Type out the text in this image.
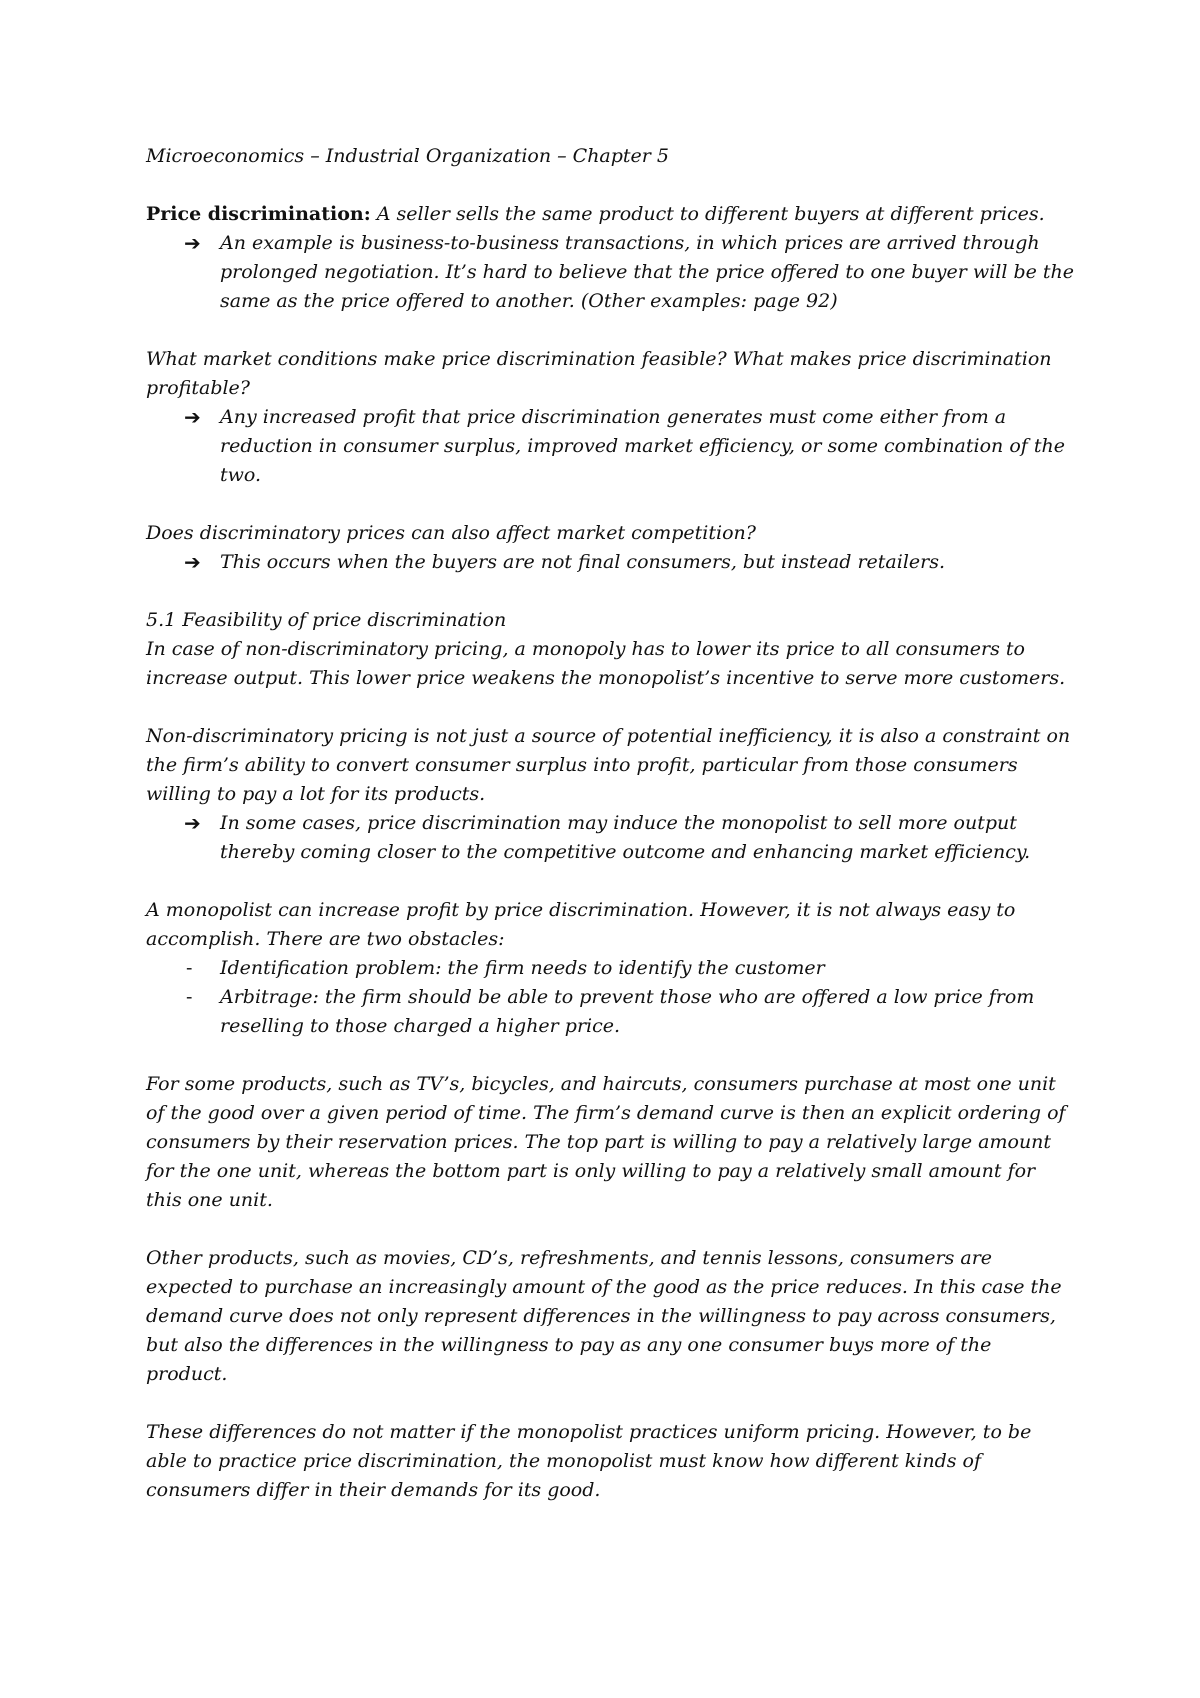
Microeconomics – Industrial Organization – Chapter 5

Price discrimination: A seller sells the same product to different buyers at different prices.

➔ An example is business-to-business transactions, in which prices are arrived through prolonged negotiation. It’s hard to believe that the price offered to one buyer will be the same as the price offered to another. (Other examples: page 92)

What market conditions make price discrimination feasible? What makes price discrimination profitable?

➔ Any increased profit that price discrimination generates must come either from a reduction in consumer surplus, improved market efficiency, or some combination of the two.

Does discriminatory prices can also affect market competition?

➔ This occurs when the buyers are not final consumers, but instead retailers.

5.1 Feasibility of price discrimination

In case of non-discriminatory pricing, a monopoly has to lower its price to all consumers to increase output. This lower price weakens the monopolist’s incentive to serve more customers.

Non-discriminatory pricing is not just a source of potential inefficiency, it is also a constraint on the firm’s ability to convert consumer surplus into profit, particular from those consumers willing to pay a lot for its products.

➔ In some cases, price discrimination may induce the monopolist to sell more output thereby coming closer to the competitive outcome and enhancing market efficiency.

A monopolist can increase profit by price discrimination. However, it is not always easy to accomplish. There are two obstacles:

- Identification problem: the firm needs to identify the customer

- Arbitrage: the firm should be able to prevent those who are offered a low price from reselling to those charged a higher price.

For some products, such as TV’s, bicycles, and haircuts, consumers purchase at most one unit of the good over a given period of time. The firm’s demand curve is then an explicit ordering of consumers by their reservation prices. The top part is willing to pay a relatively large amount for the one unit, whereas the bottom part is only willing to pay a relatively small amount for this one unit.

Other products, such as movies, CD’s, refreshments, and tennis lessons, consumers are expected to purchase an increasingly amount of the good as the price reduces. In this case the demand curve does not only represent differences in the willingness to pay across consumers, but also the differences in the willingness to pay as any one consumer buys more of the product.

These differences do not matter if the monopolist practices uniform pricing. However, to be able to practice price discrimination, the monopolist must know how different kinds of consumers differ in their demands for its good.
